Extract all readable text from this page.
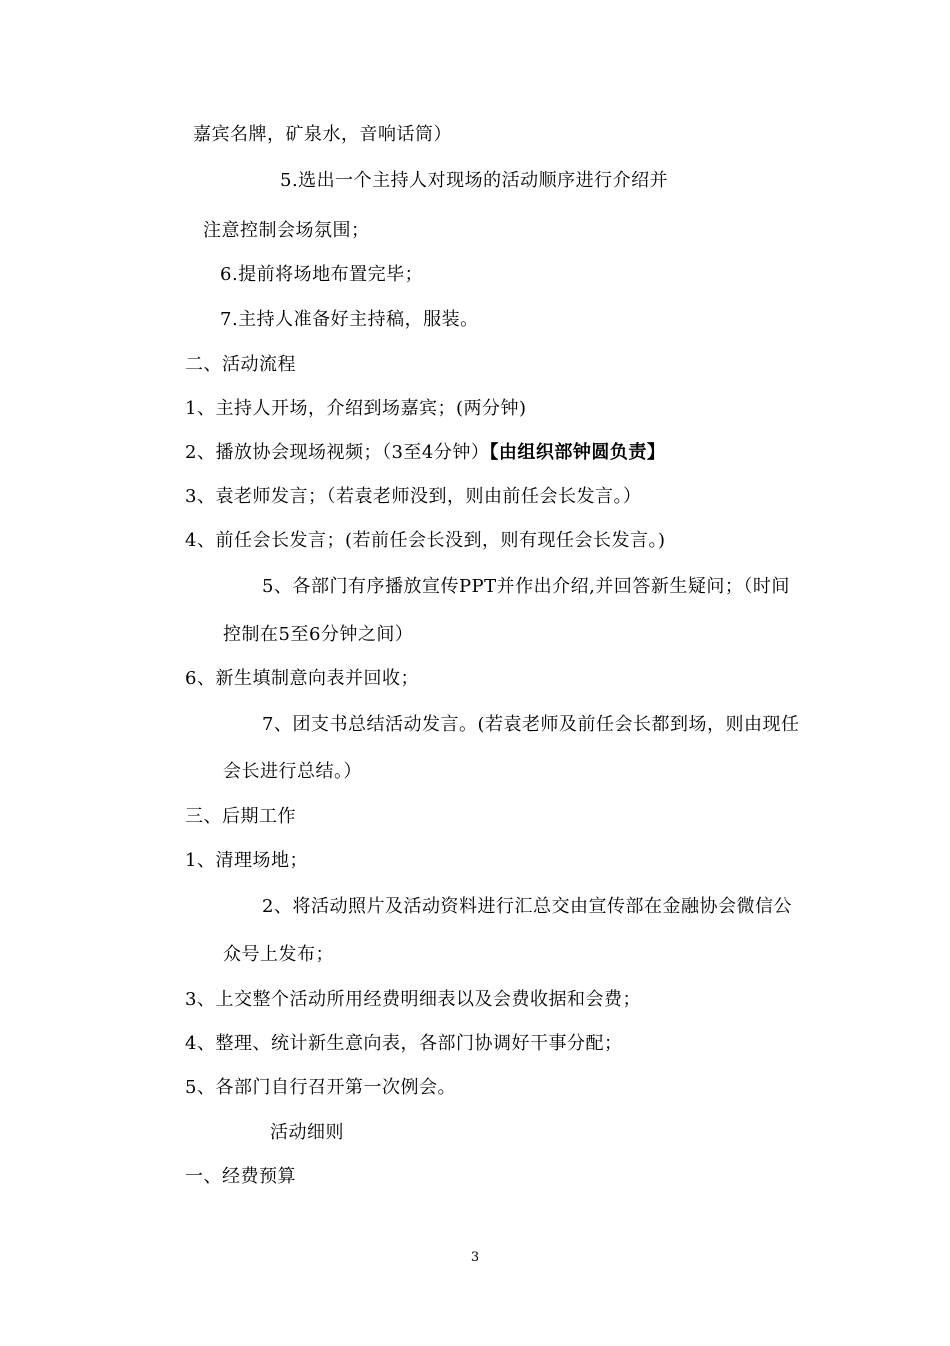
嘉宾名牌，矿泉水，音响话筒）
5.选出一个主持人对现场的活动顺序进行介绍并
注意控制会场氛围；
6.提前将场地布置完毕；
7.主持人准备好主持稿，服装。
二、活动流程
1、主持人开场，介绍到场嘉宾；(两分钟)
2、播放协会现场视频；（3至4分钟）【由组织部钟圆负责】
3、袁老师发言；（若袁老师没到，则由前任会长发言。）
4、前任会长发言；(若前任会长没到，则有现任会长发言。)
5、各部门有序播放宣传PPT并作出介绍,并回答新生疑问；（时间
控制在5至6分钟之间）
6、新生填制意向表并回收；
7、团支书总结活动发言。(若袁老师及前任会长都到场，则由现任
会长进行总结。）
三、后期工作
1、清理场地；
2、将活动照片及活动资料进行汇总交由宣传部在金融协会微信公
众号上发布；
3、上交整个活动所用经费明细表以及会费收据和会费；
4、整理、统计新生意向表，各部门协调好干事分配；
5、各部门自行召开第一次例会。
活动细则
一、经费预算
3
